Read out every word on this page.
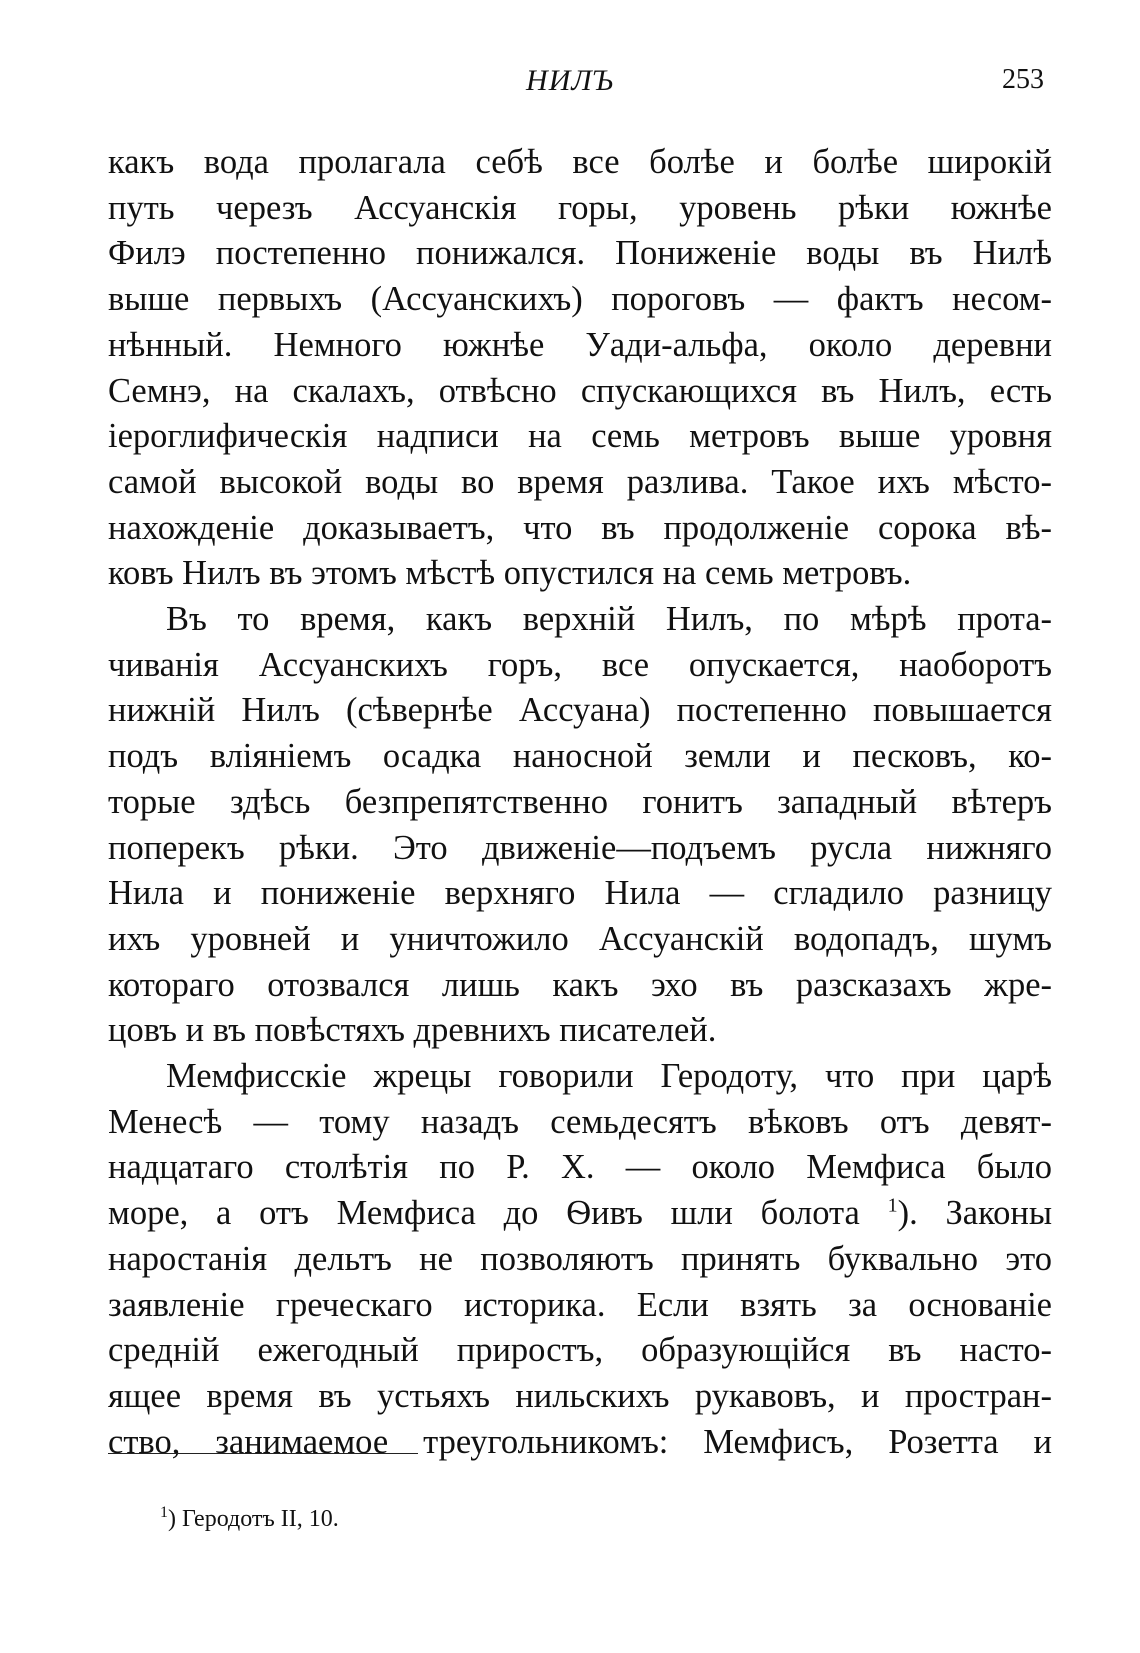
НИЛЪ	253
какъ вода пролагала себѣ все болѣе и болѣе широкій
путь черезъ Ассуанскія горы, уровень рѣки южнѣе
Филэ постепенно понижался. Пониженіе воды въ Нилѣ
выше первыхъ (Ассуанскихъ) пороговъ — фактъ несом-
нѣнный. Немного южнѣе Уади-альфа, около деревни
Семнэ, на скалахъ, отвѣсно спускающихся въ Нилъ, есть
іероглифическія надписи на семь метровъ выше уровня
самой высокой воды во время разлива. Такое ихъ мѣсто-
нахожденіе доказываетъ, что въ продолженіе сорока вѣ-
ковъ Нилъ въ этомъ мѣстѣ опустился на семь метровъ.
Въ то время, какъ верхній Нилъ, по мѣрѣ прота-
чиванія Ассуанскихъ горъ, все опускается, наоборотъ
нижній Нилъ (сѣвернѣе Ассуана) постепенно повышается
подъ вліяніемъ осадка наносной земли и песковъ, ко-
торые здѣсь безпрепятственно гонитъ западный вѣтеръ
поперекъ рѣки. Это движеніе—подъемъ русла нижняго
Нила и пониженіе верхняго Нила — сгладило разницу
ихъ уровней и уничтожило Ассуанскій водопадъ, шумъ
котораго отозвался лишь какъ эхо въ разсказахъ жре-
цовъ и въ повѣстяхъ древнихъ писателей.
Мемфисскіе жрецы говорили Геродоту, что при царѣ
Менесѣ — тому назадъ семьдесятъ вѣковъ отъ девят-
надцатаго столѣтія по Р. Х. — около Мемфиса было
море, а отъ Мемфиса до Ѳивъ шли болота $^1$). Законы
наростанія дельтъ не позволяютъ принять буквально это
заявленіе греческаго историка. Если взять за основаніе
средній ежегодный приростъ, образующійся въ насто-
ящее время въ устьяхъ нильскихъ рукавовъ, и простран-
ство, занимаемое треугольникомъ: Мемфисъ, Розетта и
$^1$) Геродотъ II, 10.
